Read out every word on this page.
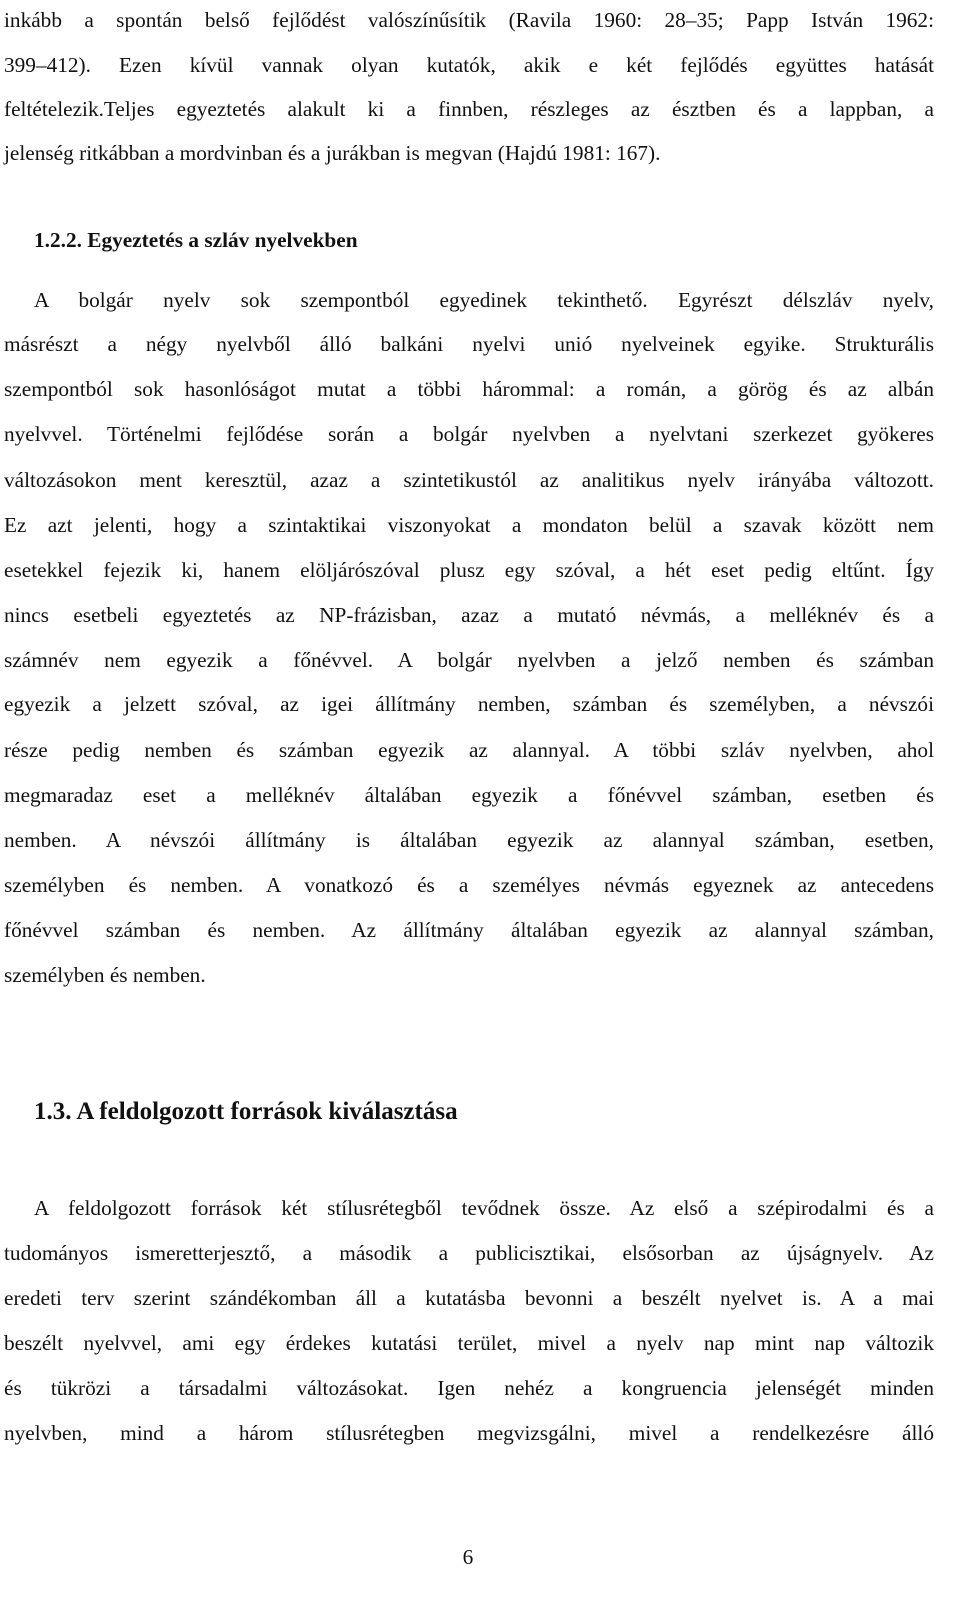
inkább a spontán belső fejlődést valószínűsítik (Ravila 1960: 28–35; Papp István 1962:
399–412). Ezen kívül vannak olyan kutatók, akik e két fejlődés együttes hatását
feltételezik.Teljes egyeztetés alakult ki a finnben, részleges az észtben és a lappban, a
jelenség ritkábban a mordvinban és a jurákban is megvan (Hajdú 1981: 167).
1.2.2. Egyeztetés a szláv nyelvekben
A bolgár nyelv sok szempontból egyedinek tekinthető. Egyrészt délszláv nyelv,
másrészt a négy nyelvből álló balkáni nyelvi unió nyelveinek egyike. Strukturális
szempontból sok hasonlóságot mutat a többi hárommal: a román, a görög és az albán
nyelvvel. Történelmi fejlődése során a bolgár nyelvben a nyelvtani szerkezet gyökeres
változásokon ment keresztül, azaz a szintetikustól az analitikus nyelv irányába változott.
Ez azt jelenti, hogy a szintaktikai viszonyokat a mondaton belül a szavak között nem
esetekkel fejezik ki, hanem elöljárószóval plusz egy szóval, a hét eset pedig eltűnt. Így
nincs esetbeli egyeztetés az NP-frázisban, azaz a mutató névmás, a melléknév és a
számnév nem egyezik a főnévvel. A bolgár nyelvben a jelző nemben és számban
egyezik a jelzett szóval, az igei állítmány nemben, számban és személyben, a névszói
része pedig nemben és számban egyezik az alannyal. A többi szláv nyelvben, ahol
megmaradaz eset a melléknév általában egyezik a főnévvel számban, esetben és
nemben. A névszói állítmány is általában egyezik az alannyal számban, esetben,
személyben és nemben. A vonatkozó és a személyes névmás egyeznek az antecedens
főnévvel számban és nemben. Az állítmány általában egyezik az alannyal számban,
személyben és nemben.
1.3. A feldolgozott források kiválasztása
A feldolgozott források két stílusrétegből tevődnek össze. Az első a szépirodalmi és a
tudományos ismeretterjesztő, a második a publicisztikai, elsősorban az újságnyelv. Az
eredeti terv szerint szándékomban áll a kutatásba bevonni a beszélt nyelvet is. A a mai
beszélt nyelvvel, ami egy érdekes kutatási terület, mivel a nyelv nap mint nap változik
és tükrözi a társadalmi változásokat. Igen nehéz a kongruencia jelenségét minden
nyelvben, mind a három stílusrétegben megvizsgálni, mivel a rendelkezésre álló
6
